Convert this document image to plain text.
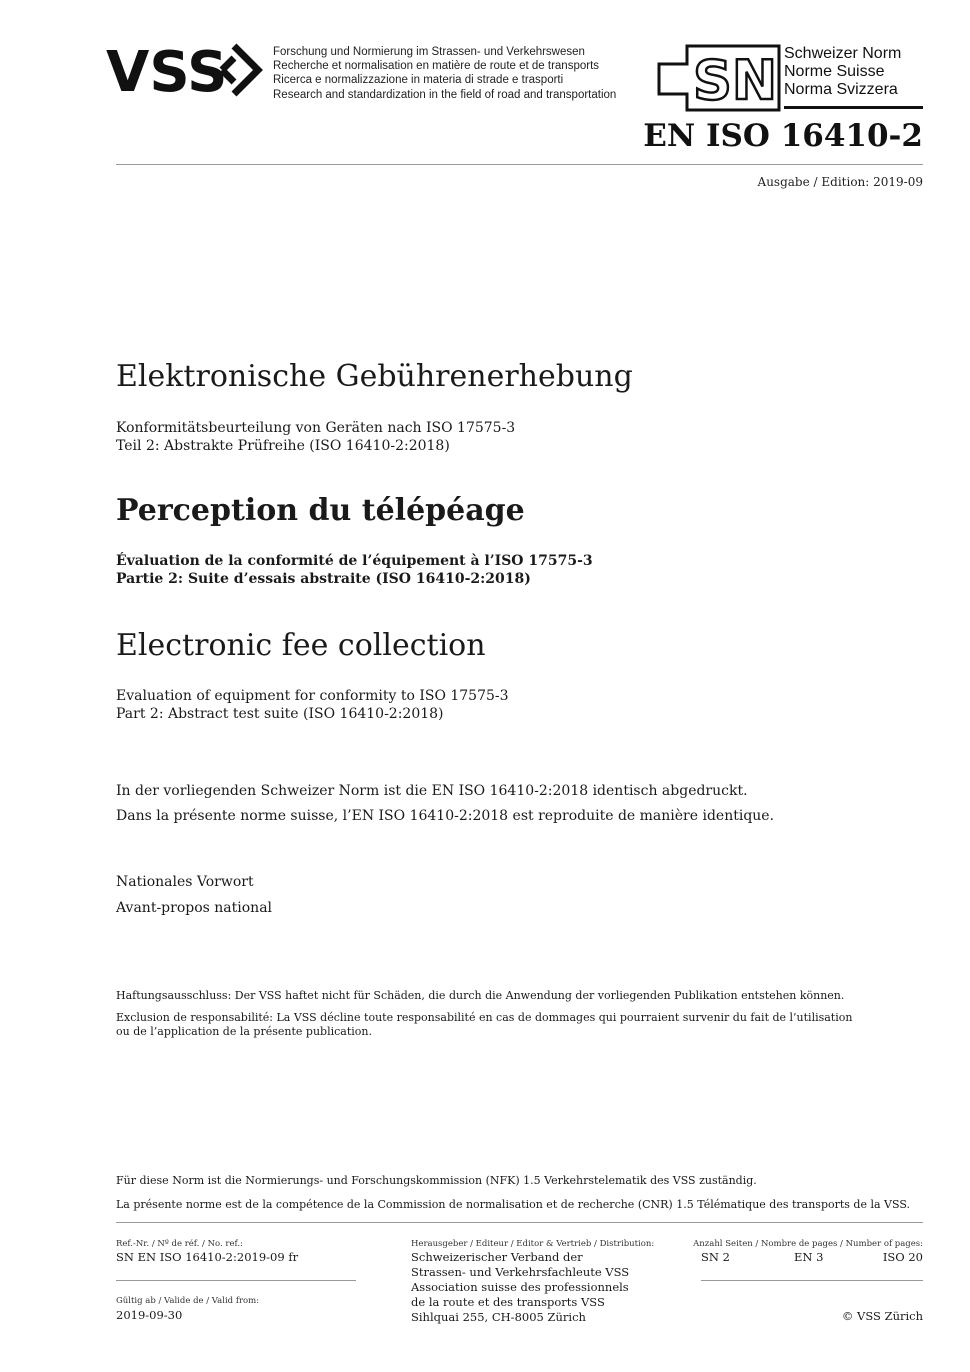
VSS	Forschung und Normierung im Strassen- und Verkehrswesen
Recherche et normalisation en matière de route et de transports
Ricerca e normalizzazione in materia di strade e trasporti
Research and standardization in the field of road and transportation SN Schweizer Norm
Norme Suisse
Norma Svizzera
EN ISO 16410-2
Ausgabe / Edition: 2019-09
Elektronische Gebührenerhebung
Konformitätsbeurteilung von Geräten nach ISO 17575-3
Teil 2: Abstrakte Prüfreihe (ISO 16410-2:2018)
Perception du télépéage
Évaluation de la conformité de l’équipement à l’ISO 17575-3
Partie 2: Suite d’essais abstraite (ISO 16410-2:2018)
Electronic fee collection
Evaluation of equipment for conformity to ISO 17575-3
Part 2: Abstract test suite (ISO 16410-2:2018)
In der vorliegenden Schweizer Norm ist die EN ISO 16410-2:2018 identisch abgedruckt.
Dans la présente norme suisse, l’EN ISO 16410-2:2018 est reproduite de manière identique.
Nationales Vorwort
Avant-propos national
Haftungsausschluss: Der VSS haftet nicht für Schäden, die durch die Anwendung der vorliegenden Publikation entstehen können.
Exclusion de responsabilité: La VSS décline toute responsabilité en cas de dommages qui pourraient survenir du fait de l’utilisation
ou de l’application de la présente publication.
Für diese Norm ist die Normierungs- und Forschungskommission (NFK) 1.5 Verkehrstelematik des VSS zuständig.
La présente norme est de la compétence de la Commission de normalisation et de recherche (CNR) 1.5 Télématique des transports de la VSS.
Ref.-Nr. / Nº de réf. / No. ref.:
SN EN ISO 16410-2:2019-09 fr
Gültig ab / Valide de / Valid from:
2019-09-30
Herausgeber / Editeur / Editor & Vertrieb / Distribution:
Schweizerischer Verband der
Strassen- und Verkehrsfachleute VSS
Association suisse des professionnels
de la route et des transports VSS
Sihlquai 255, CH-8005 Zürich
Anzahl Seiten / Nombre de pages / Number of pages:
SN 2	EN 3	ISO 20
© VSS Zürich
